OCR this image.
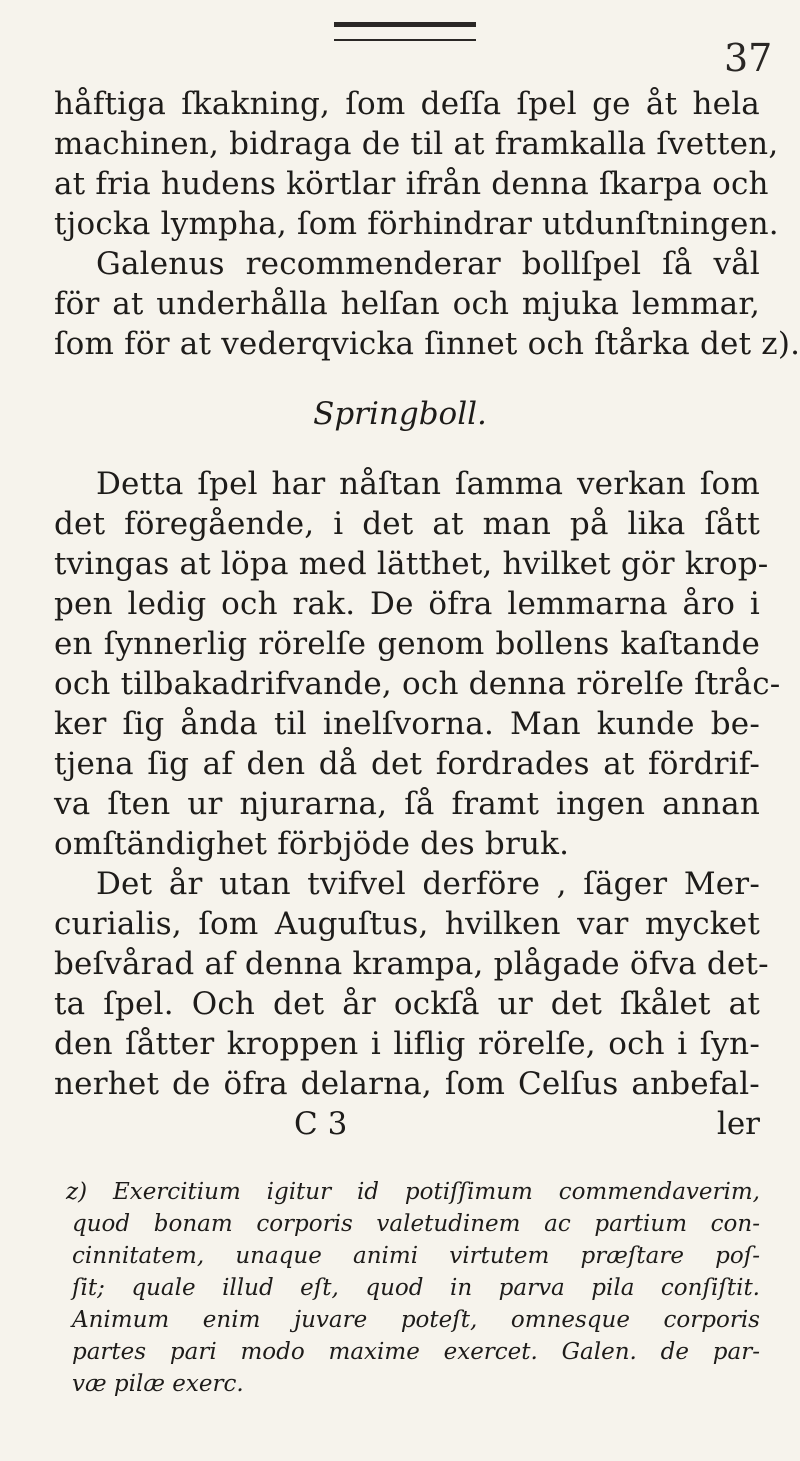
37
håftiga ſkakning, ſom deſſa ſpel ge åt hela
machinen, bidraga de til at framkalla ſvetten,
at fria hudens körtlar ifrån denna ſkarpa och
tjocka lympha, ſom förhindrar utdunſtningen.
Galenus recommenderar bollſpel ſå vål
för at underhålla helſan och mjuka lemmar,
ſom för at vederqvicka ſinnet och ſtårka det z).
Springboll.
Detta ſpel har nåſtan ſamma verkan ſom
det föregående, i det at man på lika ſått
tvingas at löpa med lätthet, hvilket gör krop-
pen ledig och rak. De öfra lemmarna åro i
en ſynnerlig rörelſe genom bollens kaſtande
och tilbakadrifvande, och denna rörelſe ſtråc-
ker ſig ånda til inelſvorna. Man kunde be-
tjena ſig af den då det fordrades at fördrif-
va ſten ur njurarna, ſå framt ingen annan
omſtändighet förbjöde des bruk.
Det år utan tvifvel derföre , ſäger Mer-
curialis, ſom Auguſtus, hvilken var mycket
beſvårad af denna krampa, plågade öfva det-
ta ſpel. Och det år ockſå ur det ſkålet at
den ſåtter kroppen i liflig rörelſe, och i ſyn-
nerhet de öfra delarna, ſom Celſus anbefal-
C 3	ler
z) Exercitium igitur id potiſſimum commendaverim,
quod bonam corporis valetudinem ac partium con-
cinnitatem, unaque animi virtutem præſtare poſ-
ſit; quale illud eſt, quod in parva pila conſiſtit.
Animum enim juvare poteſt, omnesque corporis
partes pari modo maxime exercet. Galen. de par-
væ pilæ exerc.
